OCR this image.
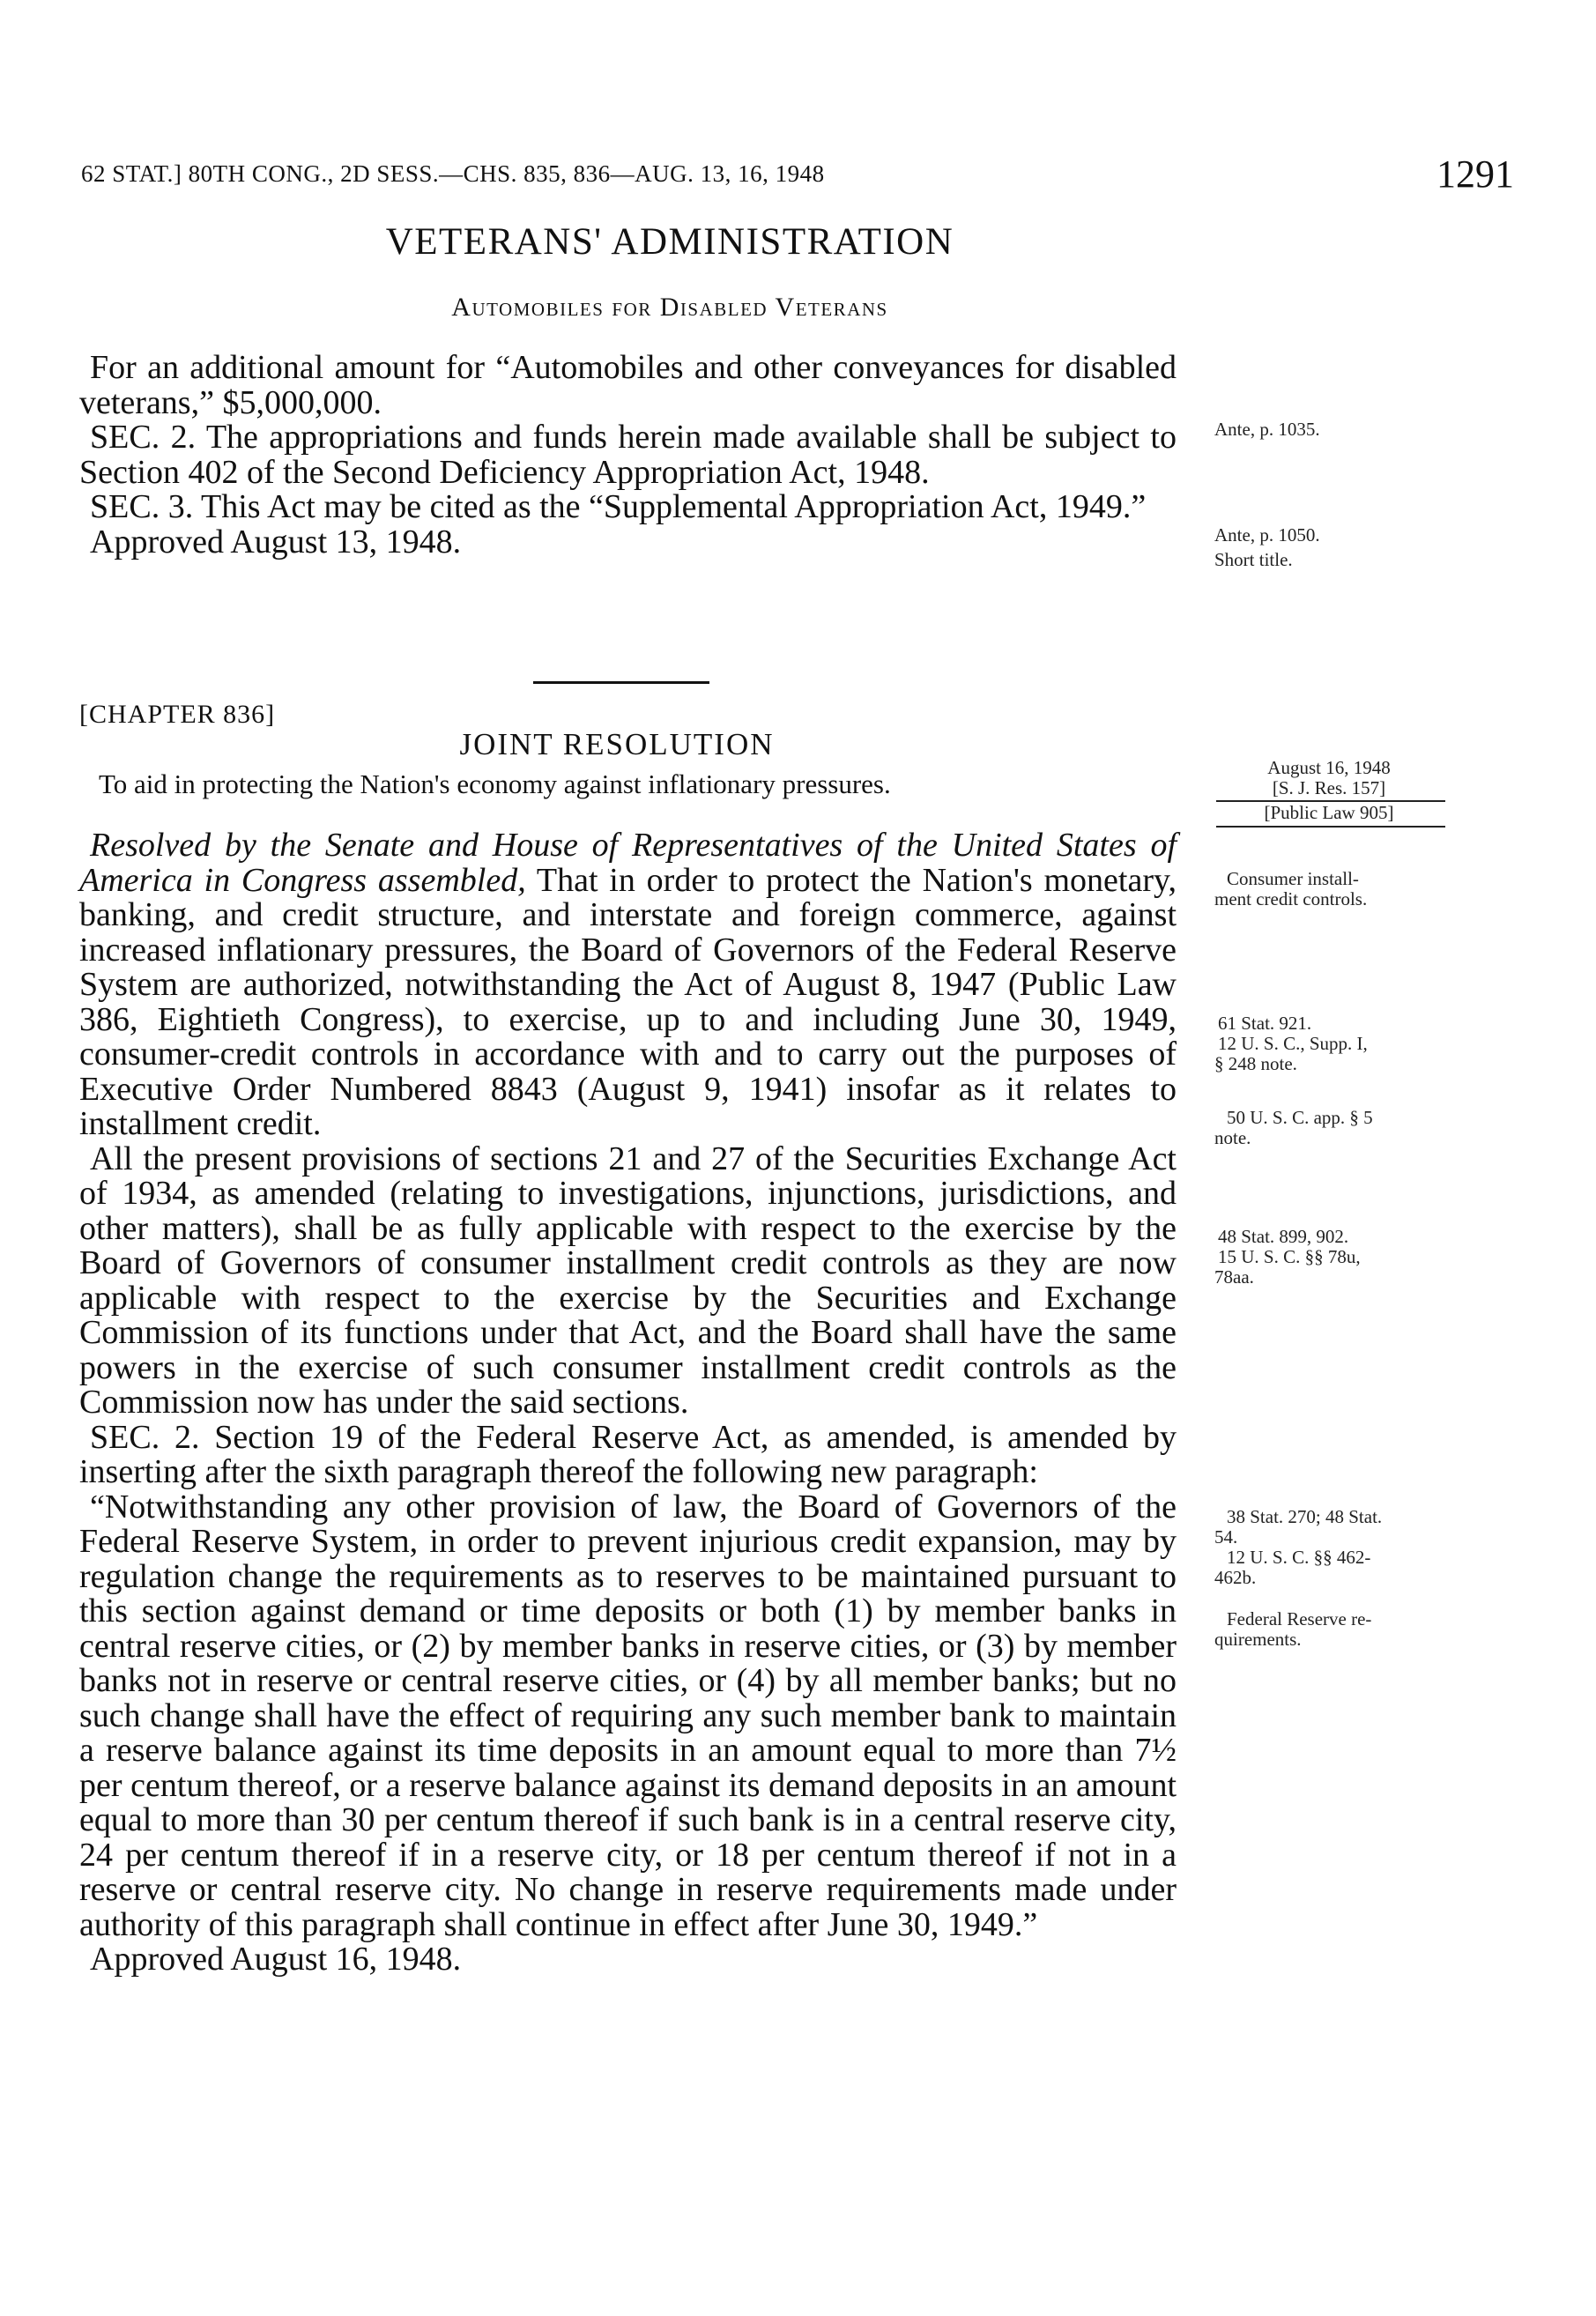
62 STAT.] 80TH CONG., 2D SESS.—CHS. 835, 836—AUG. 13, 16, 1948	1291
VETERANS' ADMINISTRATION
Automobiles for Disabled Veterans

For an additional amount for “Automobiles and other conveyances for disabled veterans,” $5,000,000.

SEC. 2. The appropriations and funds herein made available shall be subject to Section 402 of the Second Deficiency Appropriation Act, 1948.

SEC. 3. This Act may be cited as the “Supplemental Appropriation Act, 1949.”

Approved August 13, 1948.

[CHAPTER 836]
JOINT RESOLUTION
To aid in protecting the Nation's economy against inflationary pressures.

Resolved by the Senate and House of Representatives of the United States of America in Congress assembled, That in order to protect the Nation's monetary, banking, and credit structure, and interstate and foreign commerce, against increased inflationary pressures, the Board of Governors of the Federal Reserve System are authorized, notwithstanding the Act of August 8, 1947 (Public Law 386, Eightieth Congress), to exercise, up to and including June 30, 1949, consumer-credit controls in accordance with and to carry out the purposes of Executive Order Numbered 8843 (August 9, 1941) insofar as it relates to installment credit.

All the present provisions of sections 21 and 27 of the Securities Exchange Act of 1934, as amended (relating to investigations, injunctions, jurisdictions, and other matters), shall be as fully applicable with respect to the exercise by the Board of Governors of consumer installment credit controls as they are now applicable with respect to the exercise by the Securities and Exchange Commission of its functions under that Act, and the Board shall have the same powers in the exercise of such consumer installment credit controls as the Commission now has under the said sections.

SEC. 2. Section 19 of the Federal Reserve Act, as amended, is amended by inserting after the sixth paragraph thereof the following new paragraph:

“Notwithstanding any other provision of law, the Board of Governors of the Federal Reserve System, in order to prevent injurious credit expansion, may by regulation change the requirements as to reserves to be maintained pursuant to this section against demand or time deposits or both (1) by member banks in central reserve cities, or (2) by member banks in reserve cities, or (3) by member banks not in reserve or central reserve cities, or (4) by all member banks; but no such change shall have the effect of requiring any such member bank to maintain a reserve balance against its time deposits in an amount equal to more than 7½ per centum thereof, or a reserve balance against its demand deposits in an amount equal to more than 30 per centum thereof if such bank is in a central reserve city, 24 per centum thereof if in a reserve city, or 18 per centum thereof if not in a reserve or central reserve city. No change in reserve requirements made under authority of this paragraph shall continue in effect after June 30, 1949.”

Approved August 16, 1948.

Ante, p. 1035.
Ante, p. 1050.
Short title.
August 16, 1948
[S. J. Res. 157]
[Public Law 905]
Consumer install-
ment credit controls.
61 Stat. 921.
12 U. S. C., Supp. I,
§ 248 note.
50 U. S. C. app. § 5
note.
48 Stat. 899, 902.
15 U. S. C. §§ 78u,
78aa.
38 Stat. 270; 48 Stat.
54.
12 U. S. C. §§ 462-
462b.
Federal Reserve re-
quirements.
